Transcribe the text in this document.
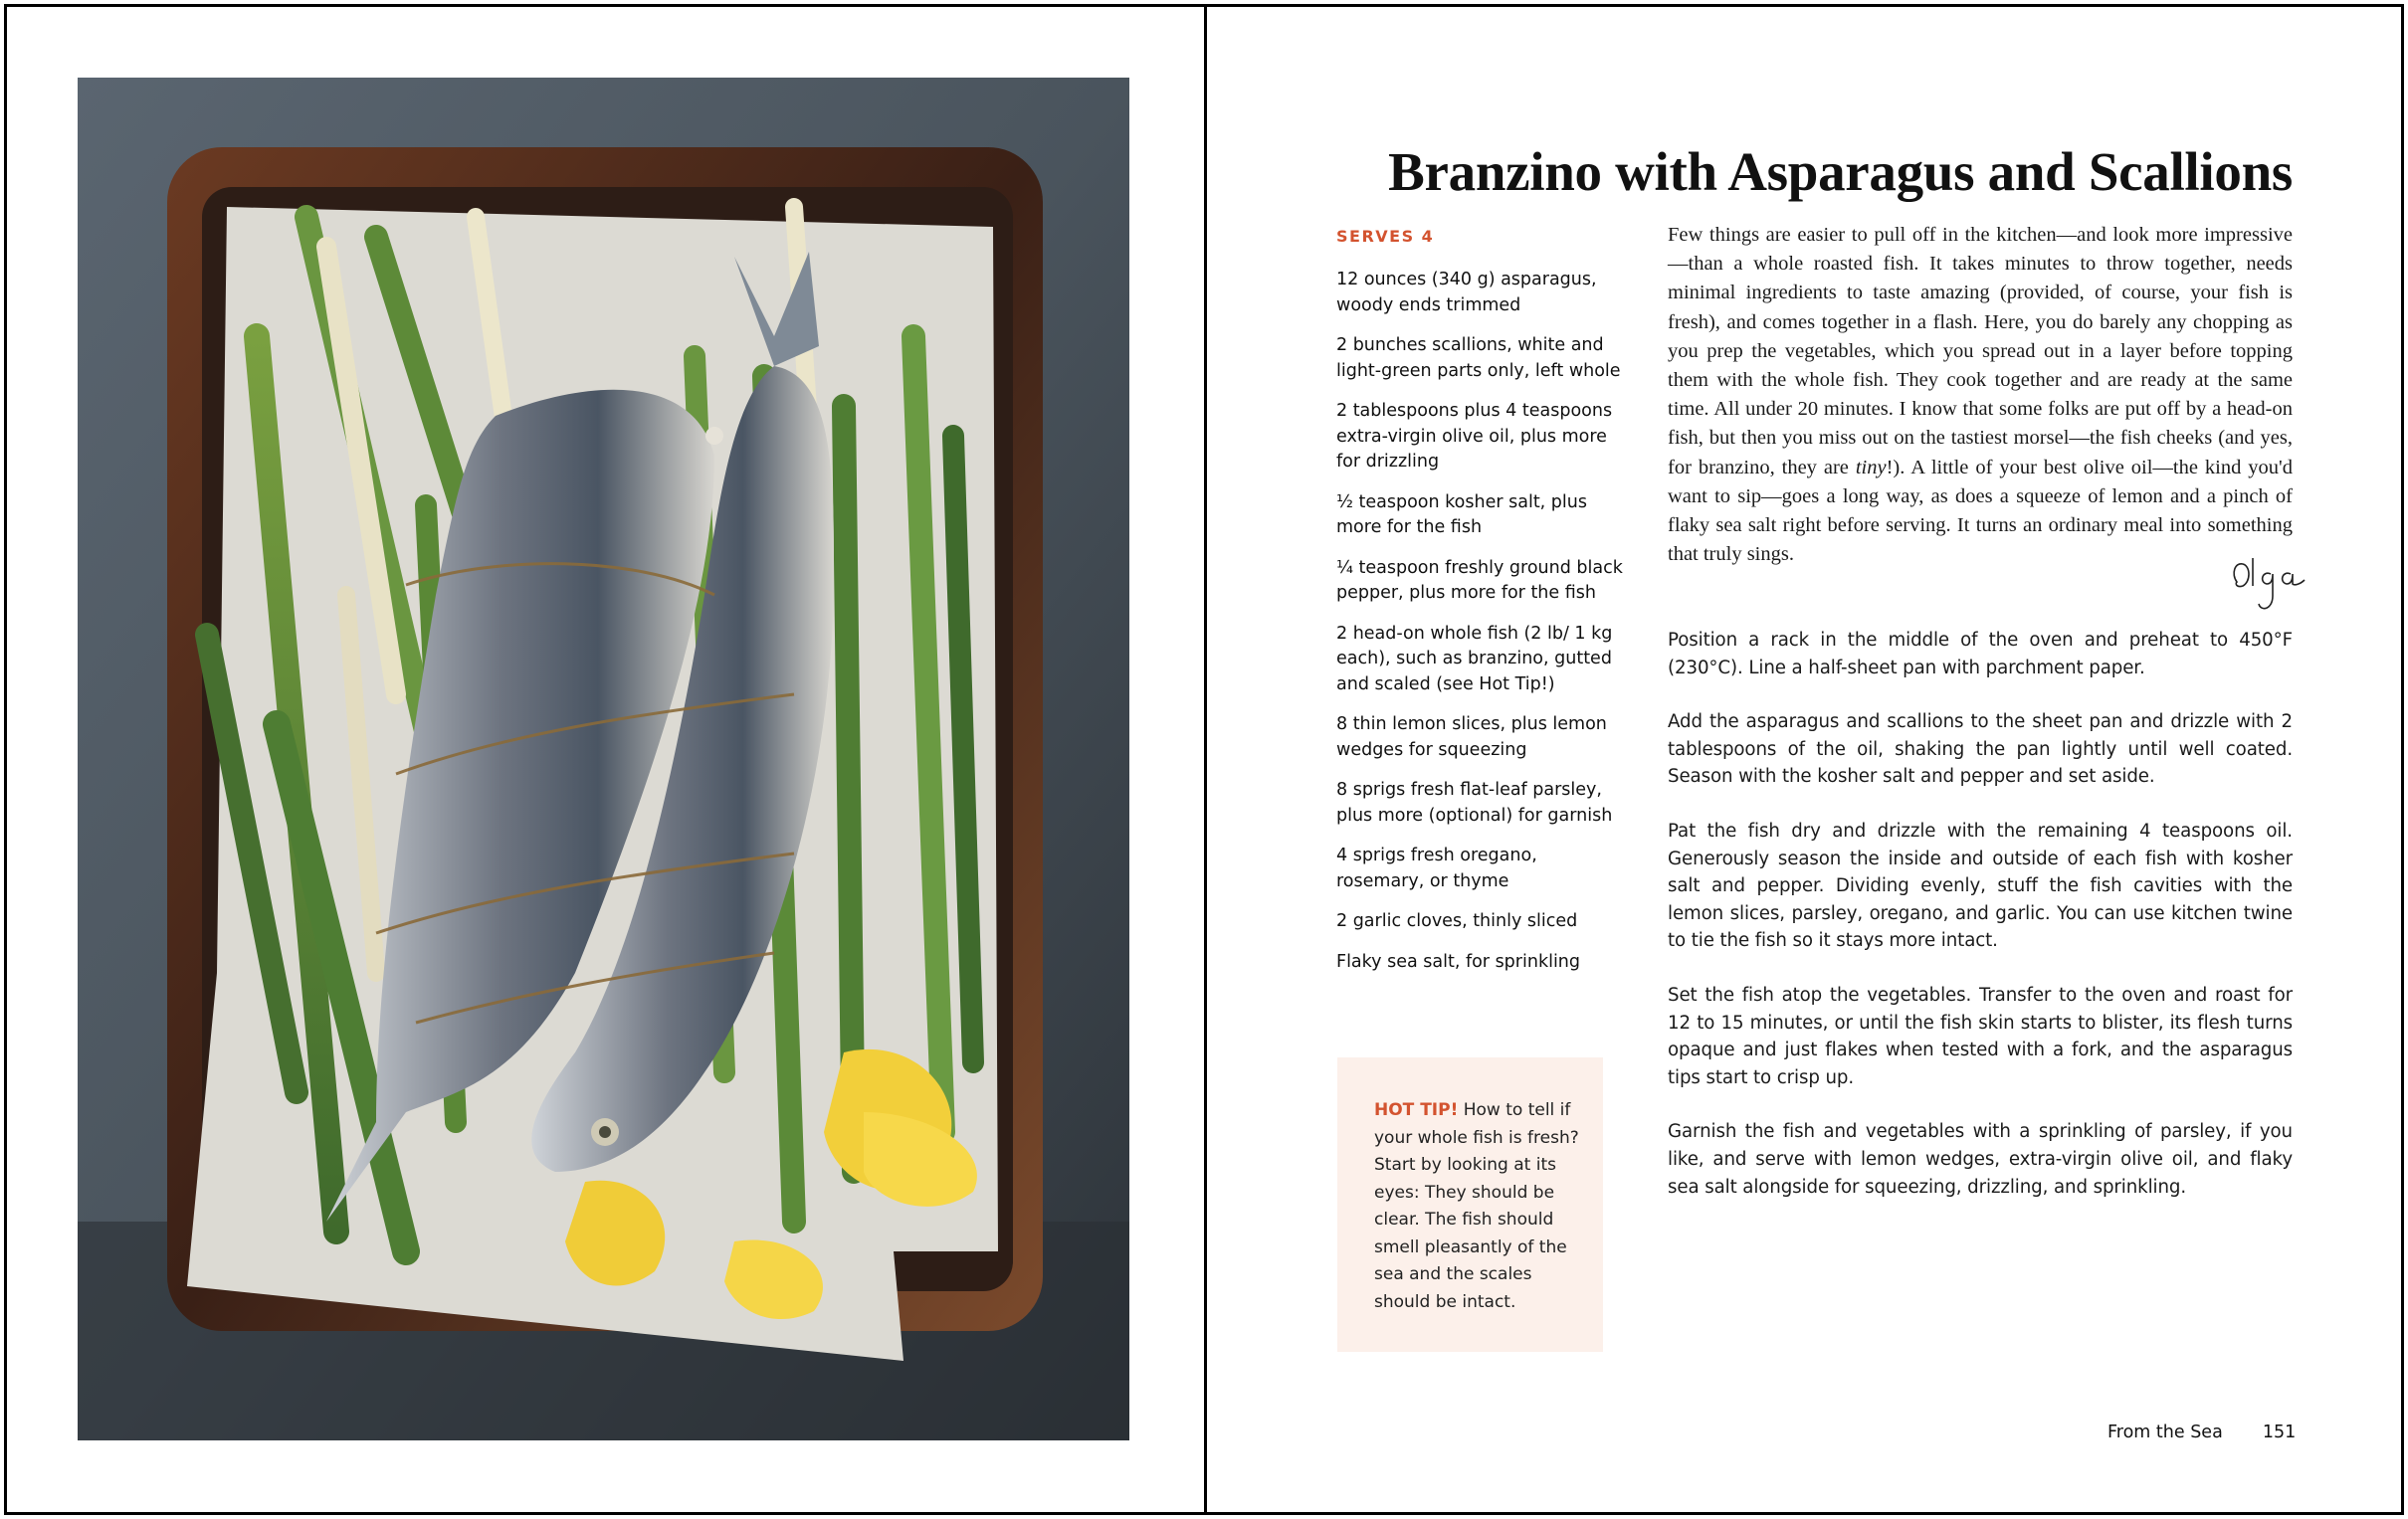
Branzino with Asparagus and Scallions
SERVES 4
12 ounces (340 g) asparagus, woody ends trimmed
2 bunches scallions, white and light-green parts only, left whole
2 tablespoons plus 4 teaspoons extra-virgin olive oil, plus more for drizzling
½ teaspoon kosher salt, plus more for the fish
¼ teaspoon freshly ground black pepper, plus more for the fish
2 head-on whole fish (2 lb/ 1 kg each), such as branzino, gutted and scaled (see Hot Tip!)
8 thin lemon slices, plus lemon wedges for squeezing
8 sprigs fresh flat-leaf parsley, plus more (optional) for garnish
4 sprigs fresh oregano, rosemary, or thyme
2 garlic cloves, thinly sliced
Flaky sea salt, for sprinkling

HOT TIP! How to tell if your whole fish is fresh? Start by looking at its eyes: They should be clear. The fish should smell pleasantly of the sea and the scales should be intact.

Few things are easier to pull off in the kitchen—and look more impressive—than a whole roasted fish. It takes minutes to throw together, needs minimal ingredients to taste amazing (provided, of course, your fish is fresh), and comes together in a flash. Here, you do barely any chopping as you prep the vegetables, which you spread out in a layer before topping them with the whole fish. They cook together and are ready at the same time. All under 20 minutes. I know that some folks are put off by a head-on fish, but then you miss out on the tastiest morsel—the fish cheeks (and yes, for branzino, they are tiny!). A little of your best olive oil—the kind you'd want to sip—goes a long way, as does a squeeze of lemon and a pinch of flaky sea salt right before serving. It turns an ordinary meal into something that truly sings.

Position a rack in the middle of the oven and preheat to 450°F (230°C). Line a half-sheet pan with parchment paper.

Add the asparagus and scallions to the sheet pan and drizzle with 2 tablespoons of the oil, shaking the pan lightly until well coated. Season with the kosher salt and pepper and set aside.

Pat the fish dry and drizzle with the remaining 4 teaspoons oil. Generously season the inside and outside of each fish with kosher salt and pepper. Dividing evenly, stuff the fish cavities with the lemon slices, parsley, oregano, and garlic. You can use kitchen twine to tie the fish so it stays more intact.

Set the fish atop the vegetables. Transfer to the oven and roast for 12 to 15 minutes, or until the fish skin starts to blister, its flesh turns opaque and just flakes when tested with a fork, and the asparagus tips start to crisp up.

Garnish the fish and vegetables with a sprinkling of parsley, if you like, and serve with lemon wedges, extra-virgin olive oil, and flaky sea salt alongside for squeezing, drizzling, and sprinkling.

From the Sea 151
